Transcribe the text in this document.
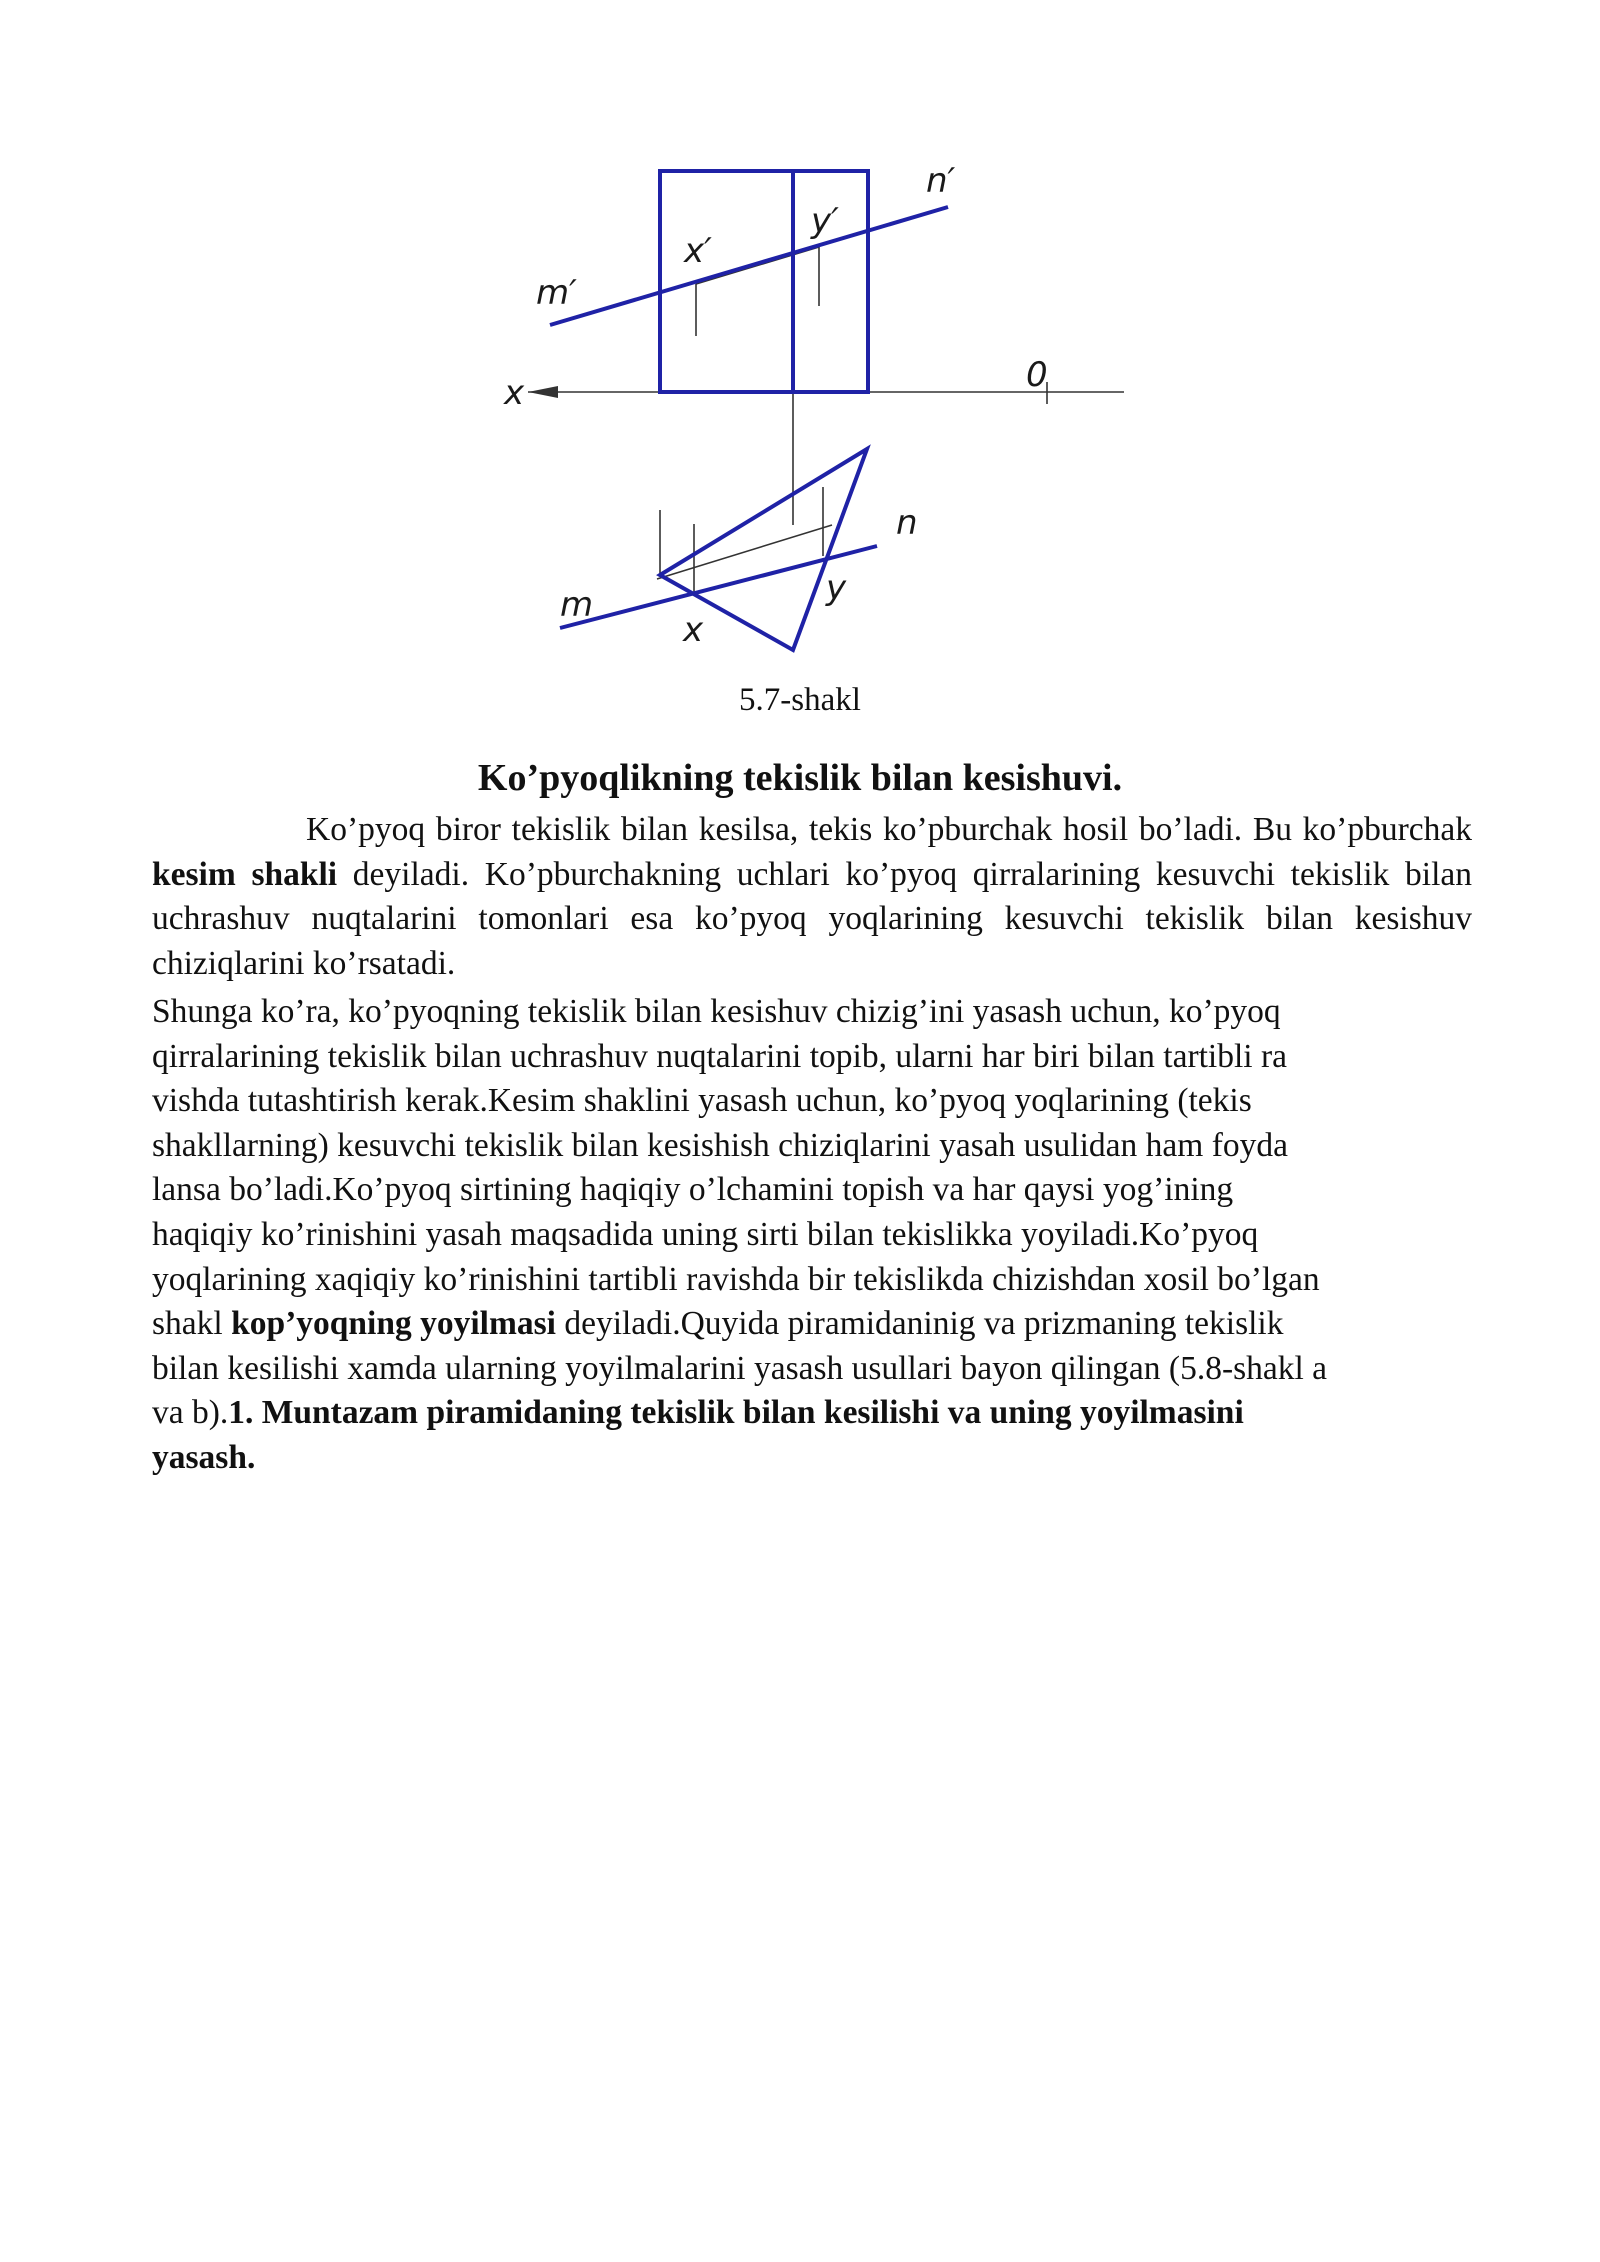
n′
y′
x′
m′
x	0
n
y
m
x
5.7-shakl
Ko’pyoqlikning tekislik bilan kesishuvi.
Ko’pyoq biror tekislik bilan kesilsa, tekis ko’pburchak hosil bo’ladi. Bu ko’pburchak kesim shakli deyiladi. Ko’pburchakning uchlari ko’pyoq qirralarining kesuvchi tekislik bilan uchrashuv nuqtalarini tomonlari esa ko’pyoq yoqlarining kesuvchi tekislik bilan kesishuv chiziqlarini ko’rsatadi.

Shunga ko’ra, ko’pyoqning tekislik bilan kesishuv chizig’ini yasash uchun, ko’pyoq

qirralarining tekislik bilan uchrashuv nuqtalarini topib, ularni har biri bilan tartibli ra

vishda tutashtirish kerak.Kesim shaklini yasash uchun, ko’pyoq yoqlarining (tekis

shakllarning) kesuvchi tekislik bilan kesishish chiziqlarini yasah usulidan ham foyda

lansa bo’ladi.Ko’pyoq sirtining haqiqiy o’lchamini topish va har qaysi yog’ining

haqiqiy ko’rinishini yasah maqsadida uning sirti bilan tekislikka yoyiladi.Ko’pyoq

yoqlarining xaqiqiy ko’rinishini tartibli ravishda bir tekislikda chizishdan xosil bo’lgan

shakl kop’yoqning yoyilmasi deyiladi.Quyida piramidaninig va prizmaning tekislik

bilan kesilishi xamda ularning yoyilmalarini yasash usullari bayon qilingan (5.8-shakl a

va b).1. Muntazam piramidaning tekislik bilan kesilishi va uning yoyilmasini

yasash.
